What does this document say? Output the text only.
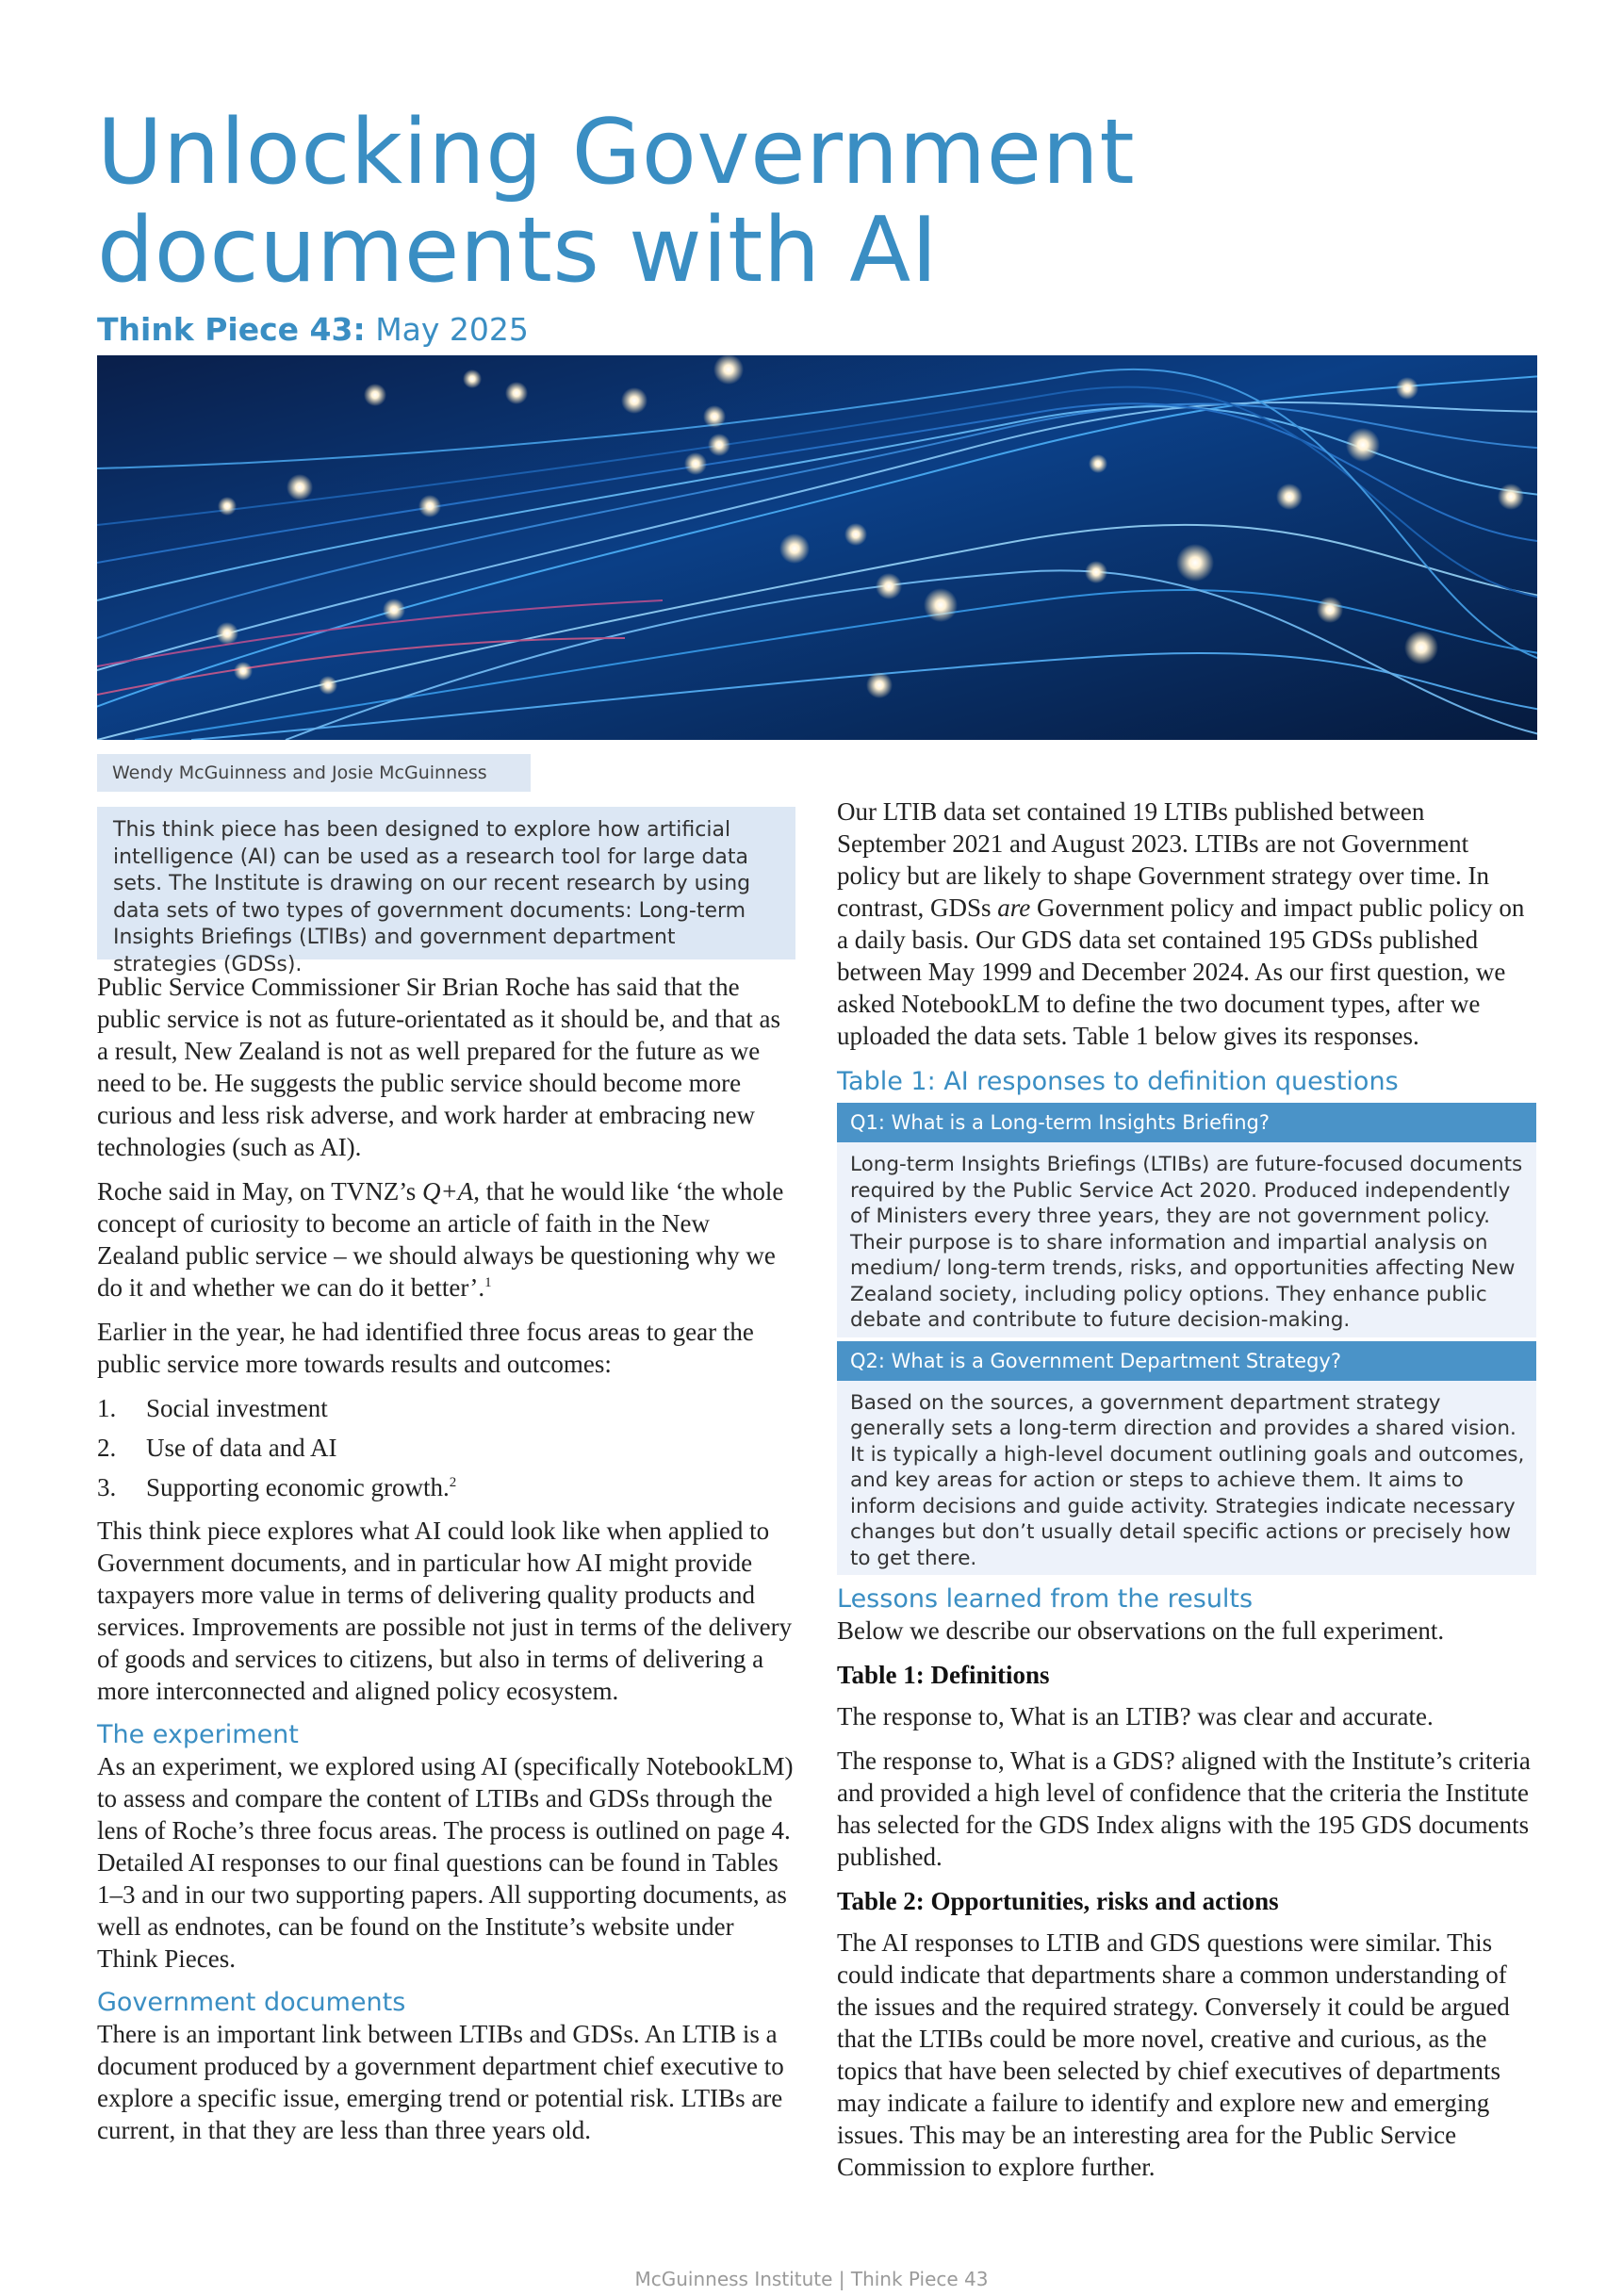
Unlocking Government documents with AI

Think Piece 43: May 2025

Wendy McGuinness and Josie McGuinness
This think piece has been designed to explore how artificial intelligence (AI) can be used as a research tool for large data sets. The Institute is drawing on our recent research by using data sets of two types of government documents: Long-term Insights Briefings (LTIBs) and government department strategies (GDSs).

Public Service Commissioner Sir Brian Roche has said that the public service is not as future-orientated as it should be, and that as a result, New Zealand is not as well prepared for the future as we need to be. He suggests the public service should become more curious and less risk adverse, and work harder at embracing new technologies (such as AI).

Roche said in May, on TVNZ’s Q+A, that he would like ‘the whole concept of curiosity to become an article of faith in the New Zealand public service – we should always be questioning why we do it and whether we can do it better’.$^1$

Earlier in the year, he had identified three focus areas to gear the public service more towards results and outcomes:

1.	Social investment
2.	Use of data and AI
3.	Supporting economic growth.$^2$

This think piece explores what AI could look like when applied to Government documents, and in particular how AI might provide taxpayers more value in terms of delivering quality products and services. Improvements are possible not just in terms of the delivery of goods and services to citizens, but also in terms of delivering a more interconnected and aligned policy ecosystem.

The experiment

As an experiment, we explored using AI (specifically NotebookLM) to assess and compare the content of LTIBs and GDSs through the lens of Roche’s three focus areas. The process is outlined on page 4. Detailed AI responses to our final questions can be found in Tables 1–3 and in our two supporting papers. All supporting documents, as well as endnotes, can be found on the Institute’s website under Think Pieces.

Government documents

There is an important link between LTIBs and GDSs. An LTIB is a document produced by a government department chief executive to explore a specific issue, emerging trend or potential risk. LTIBs are current, in that they are less than three years old.

Our LTIB data set contained 19 LTIBs published between September 2021 and August 2023. LTIBs are not Government policy but are likely to shape Government strategy over time. In contrast, GDSs are Government policy and impact public policy on a daily basis. Our GDS data set contained 195 GDSs published between May 1999 and December 2024. As our first question, we asked NotebookLM to define the two document types, after we uploaded the data sets. Table 1 below gives its responses.

Table 1: AI responses to definition questions
Q1: What is a Long-term Insights Briefing?
Long-term Insights Briefings (LTIBs) are future-focused documents required by the Public Service Act 2020. Produced independently of Ministers every three years, they are not government policy. Their purpose is to share information and impartial analysis on medium/ long-term trends, risks, and opportunities affecting New Zealand society, including policy options. They enhance public debate and contribute to future decision-making.
Q2: What is a Government Department Strategy?
Based on the sources, a government department strategy generally sets a long-term direction and provides a shared vision. It is typically a high-level document outlining goals and outcomes, and key areas for action or steps to achieve them. It aims to inform decisions and guide activity. Strategies indicate necessary changes but don’t usually detail specific actions or precisely how to get there.
Lessons learned from the results

Below we describe our observations on the full experiment.

Table 1: Definitions

The response to, What is an LTIB? was clear and accurate.

The response to, What is a GDS? aligned with the Institute’s criteria and provided a high level of confidence that the criteria the Institute has selected for the GDS Index aligns with the 195 GDS documents published.

Table 2: Opportunities, risks and actions

The AI responses to LTIB and GDS questions were similar. This could indicate that departments share a common understanding of the issues and the required strategy. Conversely it could be argued that the LTIBs could be more novel, creative and curious, as the topics that have been selected by chief executives of departments may indicate a failure to identify and explore new and emerging issues. This may be an interesting area for the Public Service Commission to explore further.

McGuinness Institute | Think Piece 43
